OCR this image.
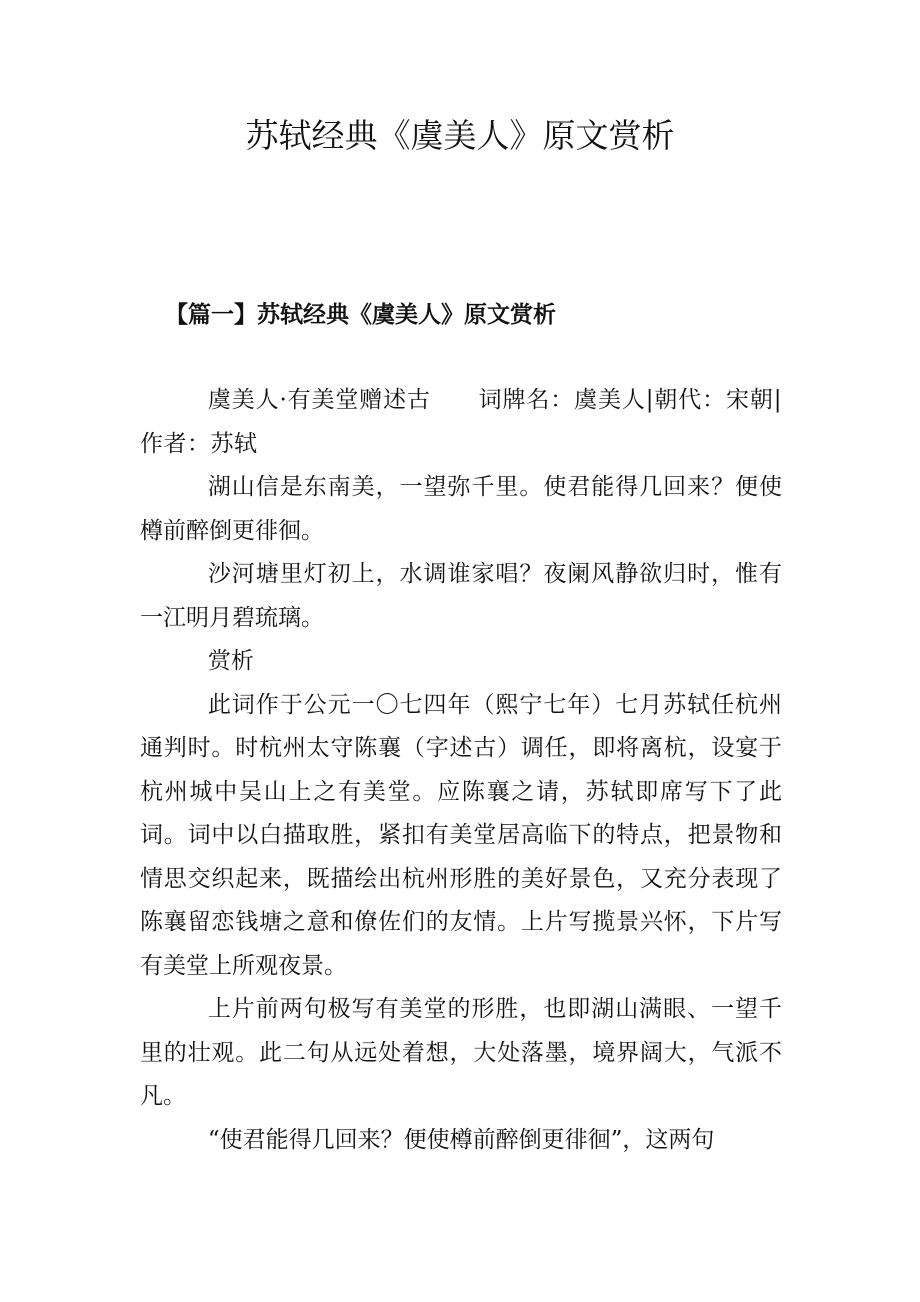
苏轼经典《虞美人》原文赏析
【篇一】苏轼经典《虞美人》原文赏析

虞美人·有美堂赠述古　　词牌名：虞美人|朝代：宋朝|作者：苏轼

湖山信是东南美，一望弥千里。使君能得几回来？便使樽前醉倒更徘徊。

沙河塘里灯初上，水调谁家唱？夜阑风静欲归时，惟有一江明月碧琉璃。

赏析

此词作于公元一〇七四年（熙宁七年）七月苏轼任杭州通判时。时杭州太守陈襄（字述古）调任，即将离杭，设宴于杭州城中吴山上之有美堂。应陈襄之请，苏轼即席写下了此词。词中以白描取胜，紧扣有美堂居高临下的特点，把景物和情思交织起来，既描绘出杭州形胜的美好景色，又充分表现了陈襄留恋钱塘之意和僚佐们的友情。上片写揽景兴怀，下片写有美堂上所观夜景。

上片前两句极写有美堂的形胜，也即湖山满眼、一望千里的壮观。此二句从远处着想，大处落墨，境界阔大，气派不凡。

“使君能得几回来？便使樽前醉倒更徘徊”，这两句
